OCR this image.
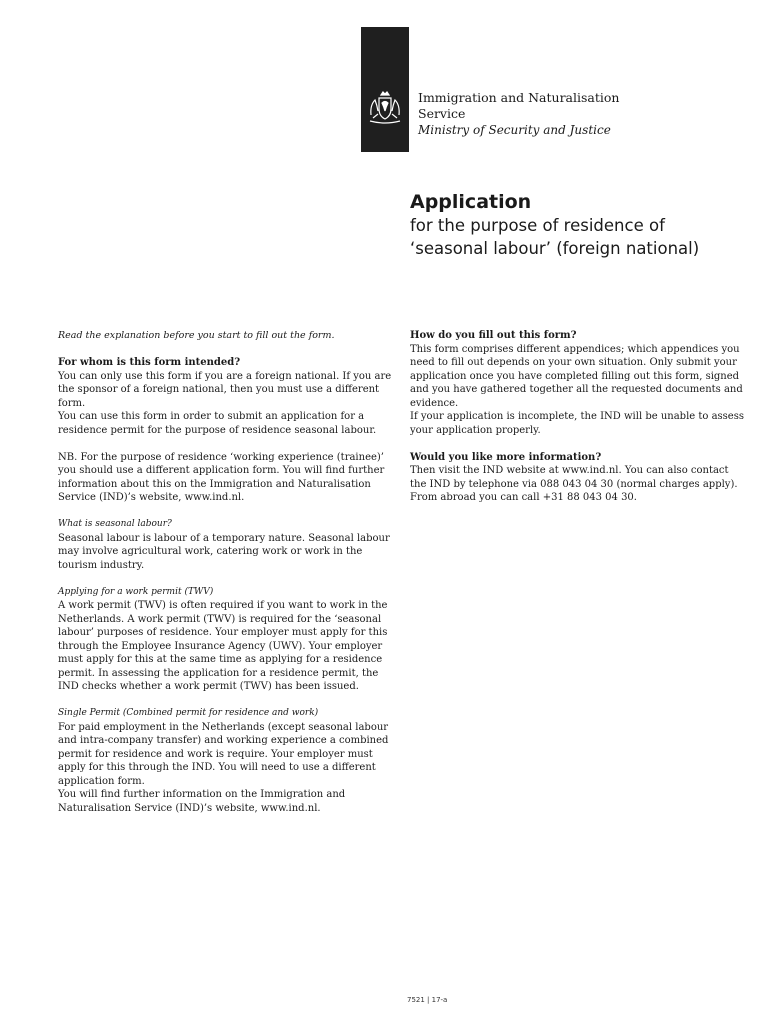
Immigration and Naturalisation
Service
Ministry of Security and Justice
Application
for the purpose of residence of
‘seasonal labour’ (foreign national)

Read the explanation before you start to fill out the form.

For whom is this form intended?
You can only use this form if you are a foreign national. If you are the sponsor of a foreign national, then you must use a different form.

You can use this form in order to submit an application for a residence permit for the purpose of residence seasonal labour.

NB. For the purpose of residence ‘working experience (trainee)’ you should use a different application form. You will find further information about this on the Immigration and Naturalisation Service (IND)’s website, www.ind.nl.

What is seasonal labour?

Seasonal labour is labour of a temporary nature. Seasonal labour may involve agricultural work, catering work or work in the tourism industry.

Applying for a work permit (TWV)

A work permit (TWV) is often required if you want to work in the Netherlands. A work permit (TWV) is required for the ‘seasonal labour’ purposes of residence. Your employer must apply for this through the Employee Insurance Agency (UWV). Your employer must apply for this at the same time as applying for a residence permit. In assessing the application for a residence permit, the IND checks whether a work permit (TWV) has been issued.

Single Permit (Combined permit for residence and work)
For paid employment in the Netherlands (except seasonal labour and intra-company transfer) and working experience a combined permit for residence and work is require. Your employer must apply for this through the IND. You will need to use a different application form.
You will find further information on the Immigration and Naturalisation Service (IND)’s website, www.ind.nl.
How do you fill out this form?
This form comprises different appendices; which appendices you need to fill out depends on your own situation. Only submit your application once you have completed filling out this form, signed and you have gathered together all the requested documents and evidence.

If your application is incomplete, the IND will be unable to assess your application properly.

Would you like more information?

Then visit the IND website at www.ind.nl. You can also contact the IND by telephone via 088 043 04 30 (normal charges apply). From abroad you can call +31 88 043 04 30.

7521 | 17-a
